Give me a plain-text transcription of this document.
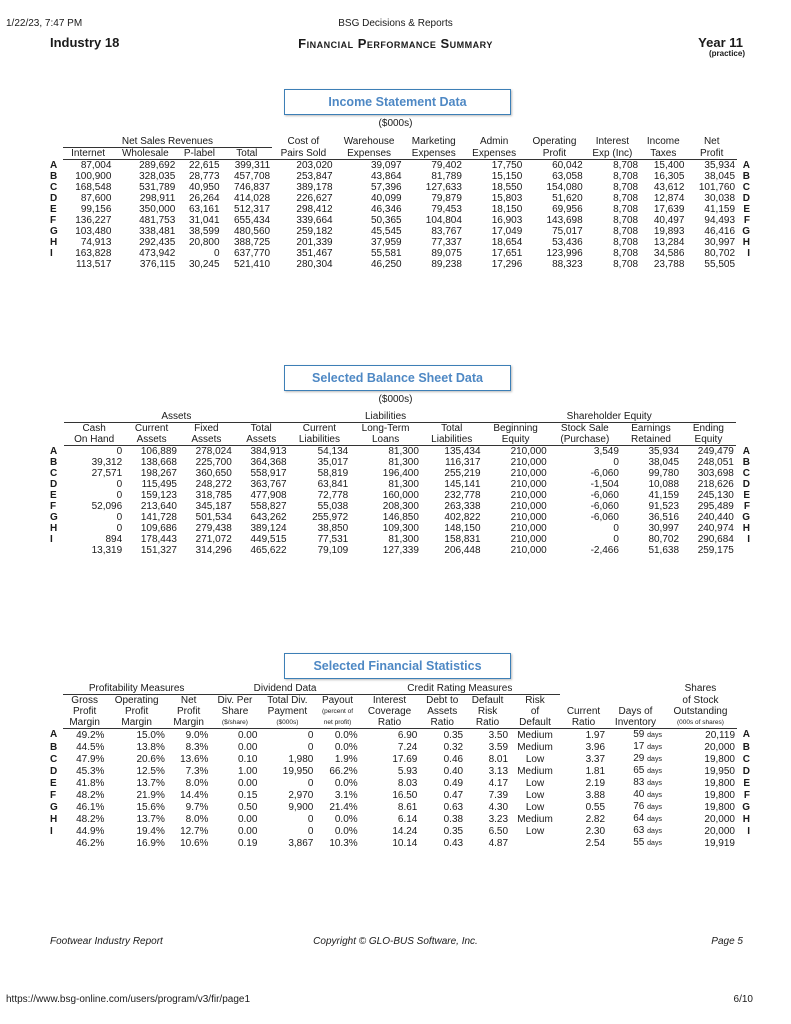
1/22/23, 7:47 PM	BSG Decisions & Reports
Industry 18	Financial Performance Summary	Year 11
(practice)
Income Statement Data
($000s)
	Net Sales Revenues				Cost of	Warehouse	Marketing	Admin	Operating	Interest	Income	Net	
	Internet	Wholesale	P-label	Total	Pairs Sold	Expenses	Expenses	Expenses	Profit	Exp (Inc)	Taxes	Profit	
A	87,004	289,692	22,615	399,311	203,020	39,097	79,402	17,750	60,042	8,708	15,400	35,934	A
B	100,900	328,035	28,773	457,708	253,847	43,864	81,789	15,150	63,058	8,708	16,305	38,045	B
C	168,548	531,789	40,950	746,837	389,178	57,396	127,633	18,550	154,080	8,708	43,612	101,760	C
D	87,600	298,911	26,264	414,028	226,627	40,099	79,879	15,803	51,620	8,708	12,874	30,038	D
E	99,156	350,000	63,161	512,317	298,412	46,346	79,453	18,150	69,956	8,708	17,639	41,159	E
F	136,227	481,753	31,041	655,434	339,664	50,365	104,804	16,903	143,698	8,708	40,497	94,493	F
G	103,480	338,481	38,599	480,560	259,182	45,545	83,767	17,049	75,017	8,708	19,893	46,416	G
H	74,913	292,435	20,800	388,725	201,339	37,959	77,337	18,654	53,436	8,708	13,284	30,997	H
I	163,828	473,942	0	637,770	351,467	55,581	89,075	17,651	123,996	8,708	34,586	80,702	I
	113,517	376,115	30,245	521,410	280,304	46,250	89,238	17,296	88,323	8,708	23,788	55,505	
Selected Balance Sheet Data
($000s)
	Assets				Liabilities			Shareholder Equity				
	Cash	Current	Fixed	Total	Current	Long-Term	Total	Beginning	Stock Sale	Earnings	Ending	
	On Hand	Assets	Assets	Assets	Liabilities	Loans	Liabilities	Equity	(Purchase)	Retained	Equity	
A	0	106,889	278,024	384,913	54,134	81,300	135,434	210,000	3,549	35,934	249,479	A
B	39,312	138,668	225,700	364,368	35,017	81,300	116,317	210,000	0	38,045	248,051	B
C	27,571	198,267	360,650	558,917	58,819	196,400	255,219	210,000	-6,060	99,780	303,698	C
D	0	115,495	248,272	363,767	63,841	81,300	145,141	210,000	-1,504	10,088	218,626	D
E	0	159,123	318,785	477,908	72,778	160,000	232,778	210,000	-6,060	41,159	245,130	E
F	52,096	213,640	345,187	558,827	55,038	208,300	263,338	210,000	-6,060	91,523	295,489	F
G	0	141,728	501,534	643,262	255,972	146,850	402,822	210,000	-6,060	36,516	240,440	G
H	0	109,686	279,438	389,124	38,850	109,300	148,150	210,000	0	30,997	240,974	H
I	894	178,443	271,072	449,515	77,531	81,300	158,831	210,000	0	80,702	290,684	I
	13,319	151,327	314,296	465,622	79,109	127,339	206,448	210,000	-2,466	51,638	259,175	
Selected Financial Statistics
	Profitability Measures			Dividend Data			Credit Rating Measures						Shares	
	Gross	Operating	Net	Div. Per	Total Div.	Payout	Interest	Debt to	Default	Risk			of Stock	
	Profit	Profit	Profit	Share	Payment	(percent of	Coverage	Assets	Risk	of	Current	Days of	Outstanding	
	Margin	Margin	Margin	($/share)	($000s)	net profit)	Ratio	Ratio	Ratio	Default	Ratio	Inventory	(000s of shares)	
A	49.2%	15.0%	9.0%	0.00	0	0.0%	6.90	0.35	3.50	Medium	1.97	59 days	20,119	A
B	44.5%	13.8%	8.3%	0.00	0	0.0%	7.24	0.32	3.59	Medium	3.96	17 days	20,000	B
C	47.9%	20.6%	13.6%	0.10	1,980	1.9%	17.69	0.46	8.01	Low	3.37	29 days	19,800	C
D	45.3%	12.5%	7.3%	1.00	19,950	66.2%	5.93	0.40	3.13	Medium	1.81	65 days	19,950	D
E	41.8%	13.7%	8.0%	0.00	0	0.0%	8.03	0.49	4.17	Low	2.19	83 days	19,800	E
F	48.2%	21.9%	14.4%	0.15	2,970	3.1%	16.50	0.47	7.39	Low	3.88	40 days	19,800	F
G	46.1%	15.6%	9.7%	0.50	9,900	21.4%	8.61	0.63	4.30	Low	0.55	76 days	19,800	G
H	48.2%	13.7%	8.0%	0.00	0	0.0%	6.14	0.38	3.23	Medium	2.82	64 days	20,000	H
I	44.9%	19.4%	12.7%	0.00	0	0.0%	14.24	0.35	6.50	Low	2.30	63 days	20,000	I
	46.2%	16.9%	10.6%	0.19	3,867	10.3%	10.14	0.43	4.87		2.54	55 days	19,919	
Footwear Industry Report	Copyright © GLO-BUS Software, Inc.	Page 5
https://www.bsg-online.com/users/program/v3/fir/page1	6/10
